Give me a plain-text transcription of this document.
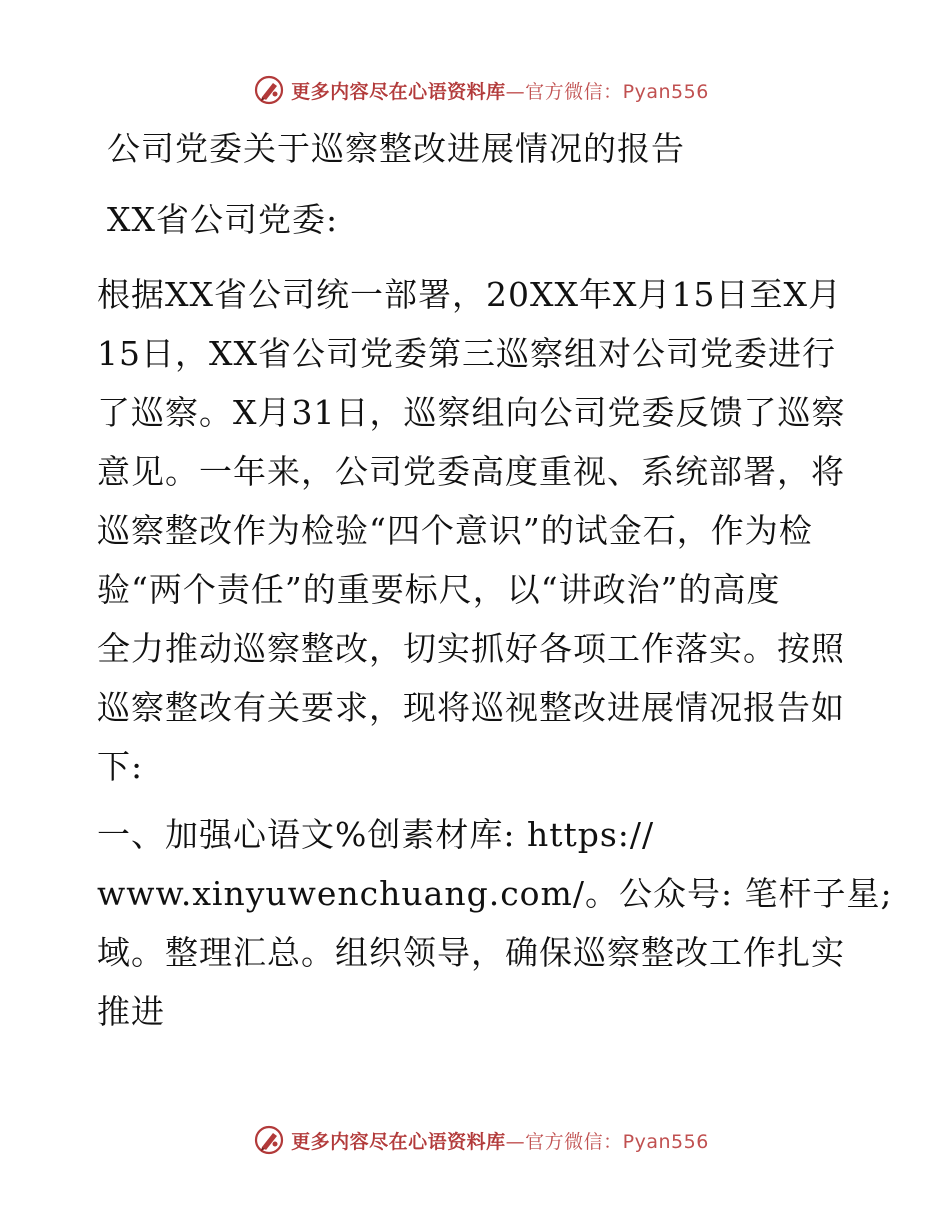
更多内容尽在心语资料库—官方微信：Pyan556
公司党委关于巡察整改进展情况的报告
XX省公司党委:
根据XX省公司统一部署，20XX年X月15日至X月
15日，XX省公司党委第三巡察组对公司党委进行
了巡察。X月31日，巡察组向公司党委反馈了巡察
意见。一年来，公司党委高度重视、系统部署，将
巡察整改作为检验“四个意识”的试金石，作为检
验“两个责任”的重要标尺，以“讲政治”的高度
全力推动巡察整改，切实抓好各项工作落实。按照
巡察整改有关要求，现将巡视整改进展情况报告如
下:
一、加强心语文%创素材库: https://
www.xinyuwenchuang.com/。公众号: 笔杆子星;
域。整理汇总。组织领导，确保巡察整改工作扎实
推进
更多内容尽在心语资料库—官方微信：Pyan556
